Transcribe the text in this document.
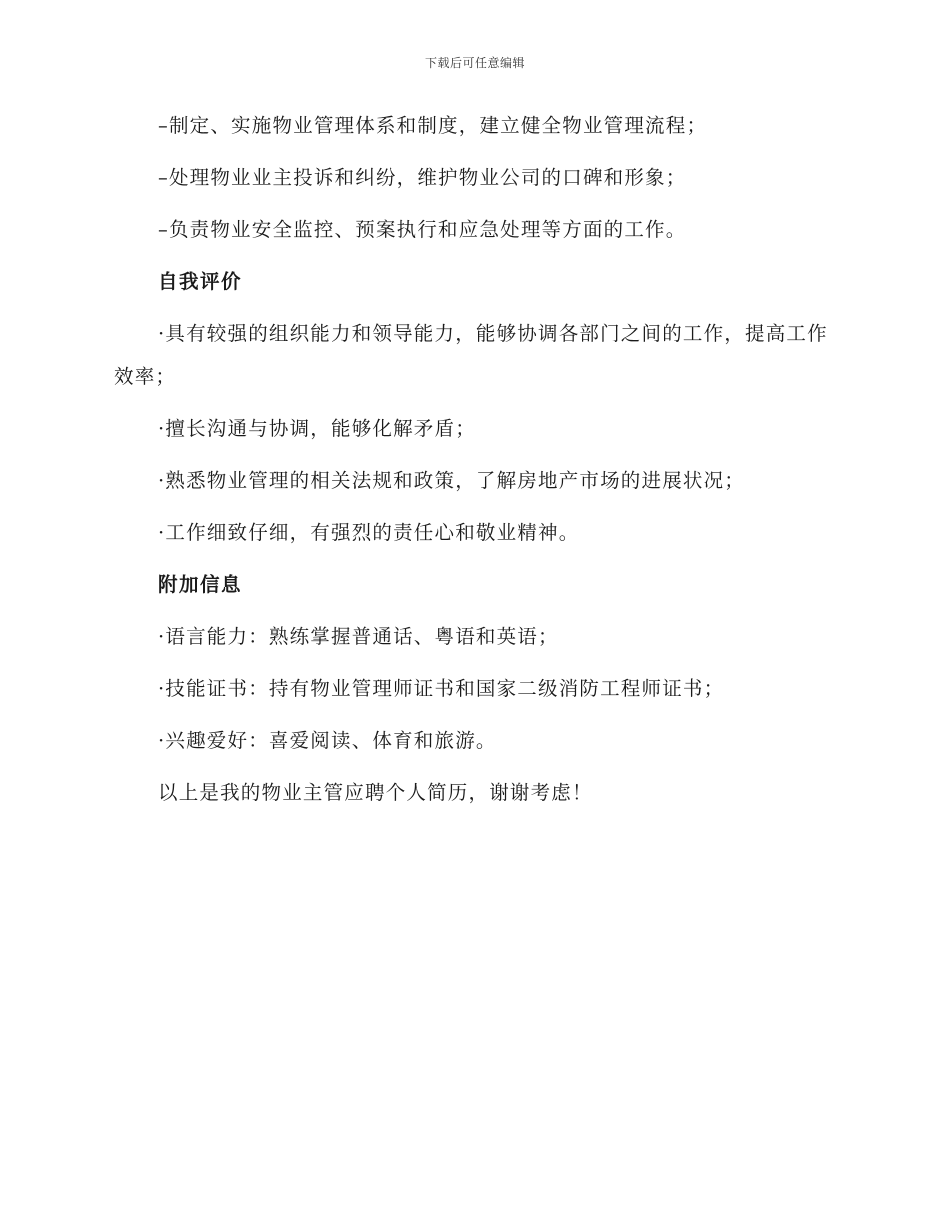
下载后可任意编辑

–制定、实施物业管理体系和制度，建立健全物业管理流程；

–处理物业业主投诉和纠纷，维护物业公司的口碑和形象；

–负责物业安全监控、预案执行和应急处理等方面的工作。

自我评价

·具有较强的组织能力和领导能力，能够协调各部门之间的工作，提高工作效率；

·擅长沟通与协调，能够化解矛盾；

·熟悉物业管理的相关法规和政策，了解房地产市场的进展状况；

·工作细致仔细，有强烈的责任心和敬业精神。

附加信息

·语言能力：熟练掌握普通话、粤语和英语；

·技能证书：持有物业管理师证书和国家二级消防工程师证书；

·兴趣爱好：喜爱阅读、体育和旅游。

以上是我的物业主管应聘个人简历，谢谢考虑！
